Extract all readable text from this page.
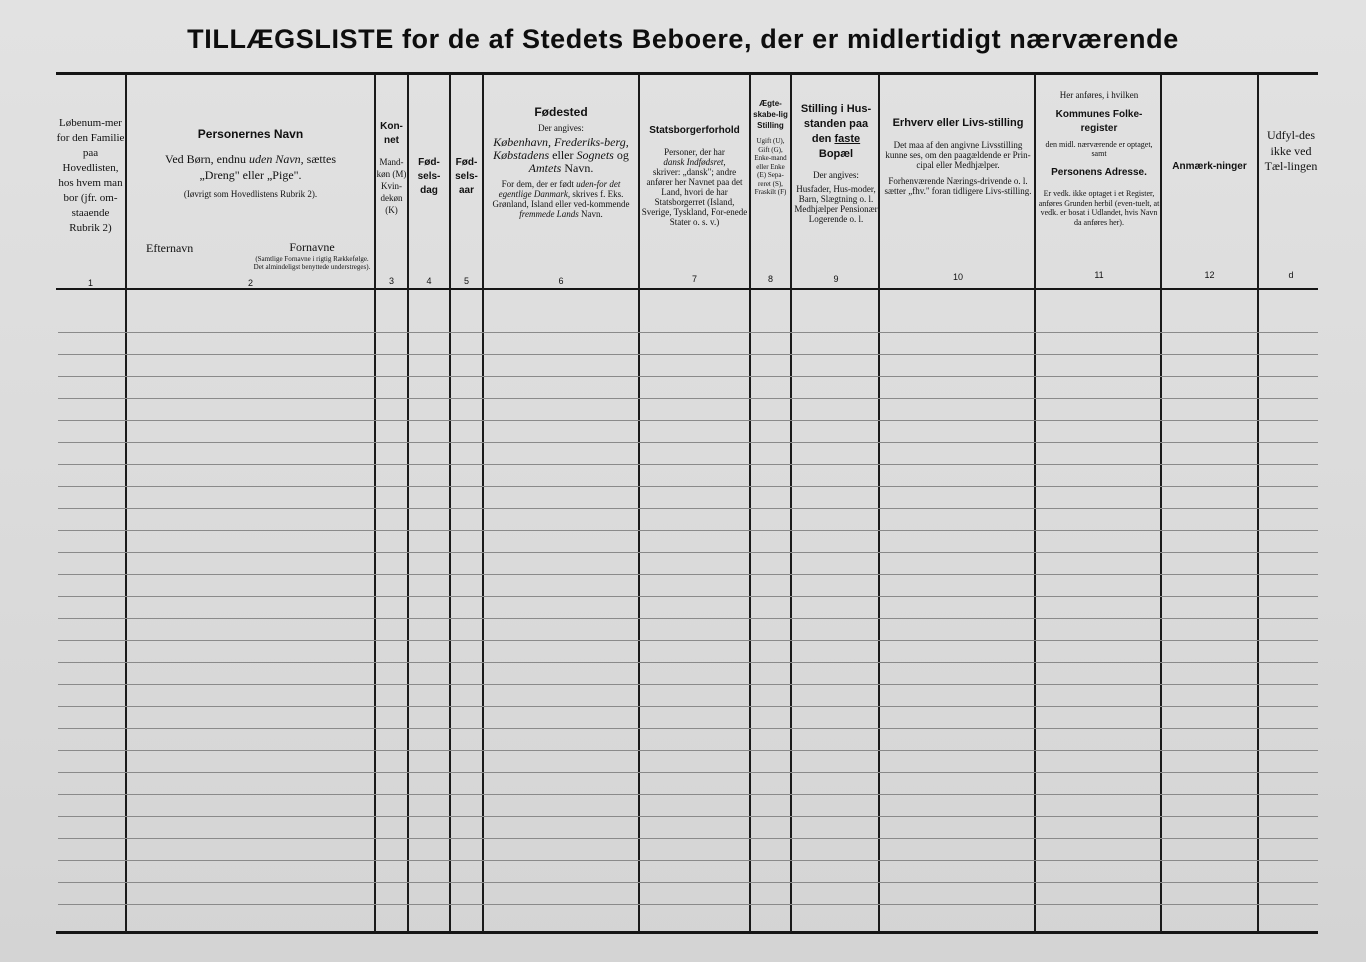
TILLÆGSLISTE for de af Stedets Beboere, der er midlertidigt nærværende
Løbenum-mer for den Familie paa Hovedlisten, hos hvem man bor (jfr. om-staaende Rubrik 2)
1
Personernes Navn
Ved Børn, endnu uden Navn, sættes
„Dreng" eller „Pige".
(Iøvrigt som Hovedlistens Rubrik 2).
Efternavn	Fornavne
(Samtlige Fornavne i rigtig Rækkefølge. Det almindeligst benyttede understreges).
2
Kon-net
Mand-køn (M) Kvin-dekøn (K)
3
Fød-sels-dag
4
Fød-sels-aar
5
Fødested
Der angives:
København, Frederiks-berg, Købstadens eller Sognets og Amtets Navn.
For dem, der er født uden-for det egentlige Danmark, skrives f. Eks. Grønland, Island eller ved-kommende fremmede Lands Navn.
6
Statsborgerforhold
Personer, der har
dansk Indfødsret,
skriver: „dansk"; andre anfører her Navnet paa det Land, hvori de har Statsborgerret (Island, Sverige, Tyskland, For-enede Stater o. s. v.)
7
Ægte-skabe-lig Stilling
Ugift (U), Gift (G), Enke-mand eller Enke (E) Sepa-reret (S), Fraskilt (F)
8
Stilling i Hus-standen paa den faste
Bopæl
Der angives:
Husfader, Hus-moder, Barn, Slægtning o. l. Medhjælper Pensionær Logerende o. l.
9
Erhverv eller Livs-stilling
Det maa af den angivne Livsstilling kunne ses, om den paagældende er Prin-cipal eller Medhjælper.
Forhenværende Nærings-drivende o. l. sætter „fhv." foran tidligere Livs-stilling.
10
Her anføres, i hvilken
Kommunes Folke-register
den midl. nærværende er optaget, samt
Personens Adresse.
Er vedk. ikke optaget i et Register, anføres Grunden herbil (even-tuelt, at vedk. er bosat i Udlandet, hvis Navn da anføres her).
11
Anmærk-ninger
12
Udfyl-des ikke ved Tæl-lingen
d
